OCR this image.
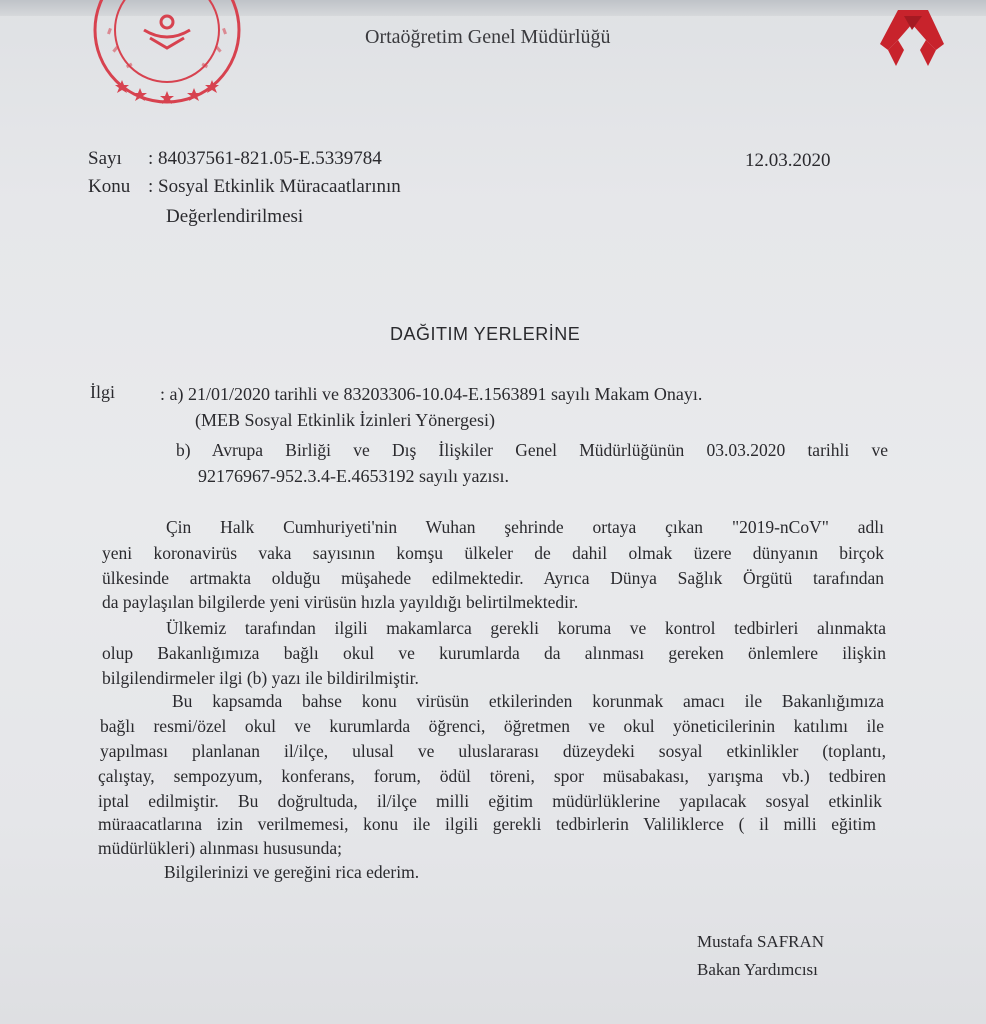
Ortaöğretim Genel Müdürlüğü
Sayı : 84037561-821.05-E.5339784	12.03.2020
Konu : Sosyal Etkinlik Müracaatlarının
Değerlendirilmesi
DAĞITIM YERLERİNE
İlgi	: a) 21/01/2020 tarihli ve 83203306-10.04-E.1563891 sayılı Makam Onayı.
(MEB Sosyal Etkinlik İzinleri Yönergesi)
b) Avrupa Birliği ve Dış İlişkiler Genel Müdürlüğünün 03.03.2020 tarihli ve
92176967-952.3.4-E.4653192 sayılı yazısı.
Çin Halk Cumhuriyeti'nin Wuhan şehrinde ortaya çıkan "2019-nCoV" adlı
yeni koronavirüs vaka sayısının komşu ülkeler de dahil olmak üzere dünyanın birçok
ülkesinde artmakta olduğu müşahede edilmektedir. Ayrıca Dünya Sağlık Örgütü tarafından
da paylaşılan bilgilerde yeni virüsün hızla yayıldığı belirtilmektedir.
Ülkemiz tarafından ilgili makamlarca gerekli koruma ve kontrol tedbirleri alınmakta
olup Bakanlığımıza bağlı okul ve kurumlarda da alınması gereken önlemlere ilişkin
bilgilendirmeler ilgi (b) yazı ile bildirilmiştir.
Bu kapsamda bahse konu virüsün etkilerinden korunmak amacı ile Bakanlığımıza
bağlı resmi/özel okul ve kurumlarda öğrenci, öğretmen ve okul yöneticilerinin katılımı ile
yapılması planlanan il/ilçe, ulusal ve uluslararası düzeydeki sosyal etkinlikler (toplantı,
çalıştay, sempozyum, konferans, forum, ödül töreni, spor müsabakası, yarışma vb.) tedbiren
iptal edilmiştir. Bu doğrultuda, il/ilçe milli eğitim müdürlüklerine yapılacak sosyal etkinlik
müraacatlarına izin verilmemesi, konu ile ilgili gerekli tedbirlerin Valiliklerce ( il milli eğitim
müdürlükleri) alınması hususunda;
Bilgilerinizi ve gereğini rica ederim.
Mustafa SAFRAN
Bakan Yardımcısı
